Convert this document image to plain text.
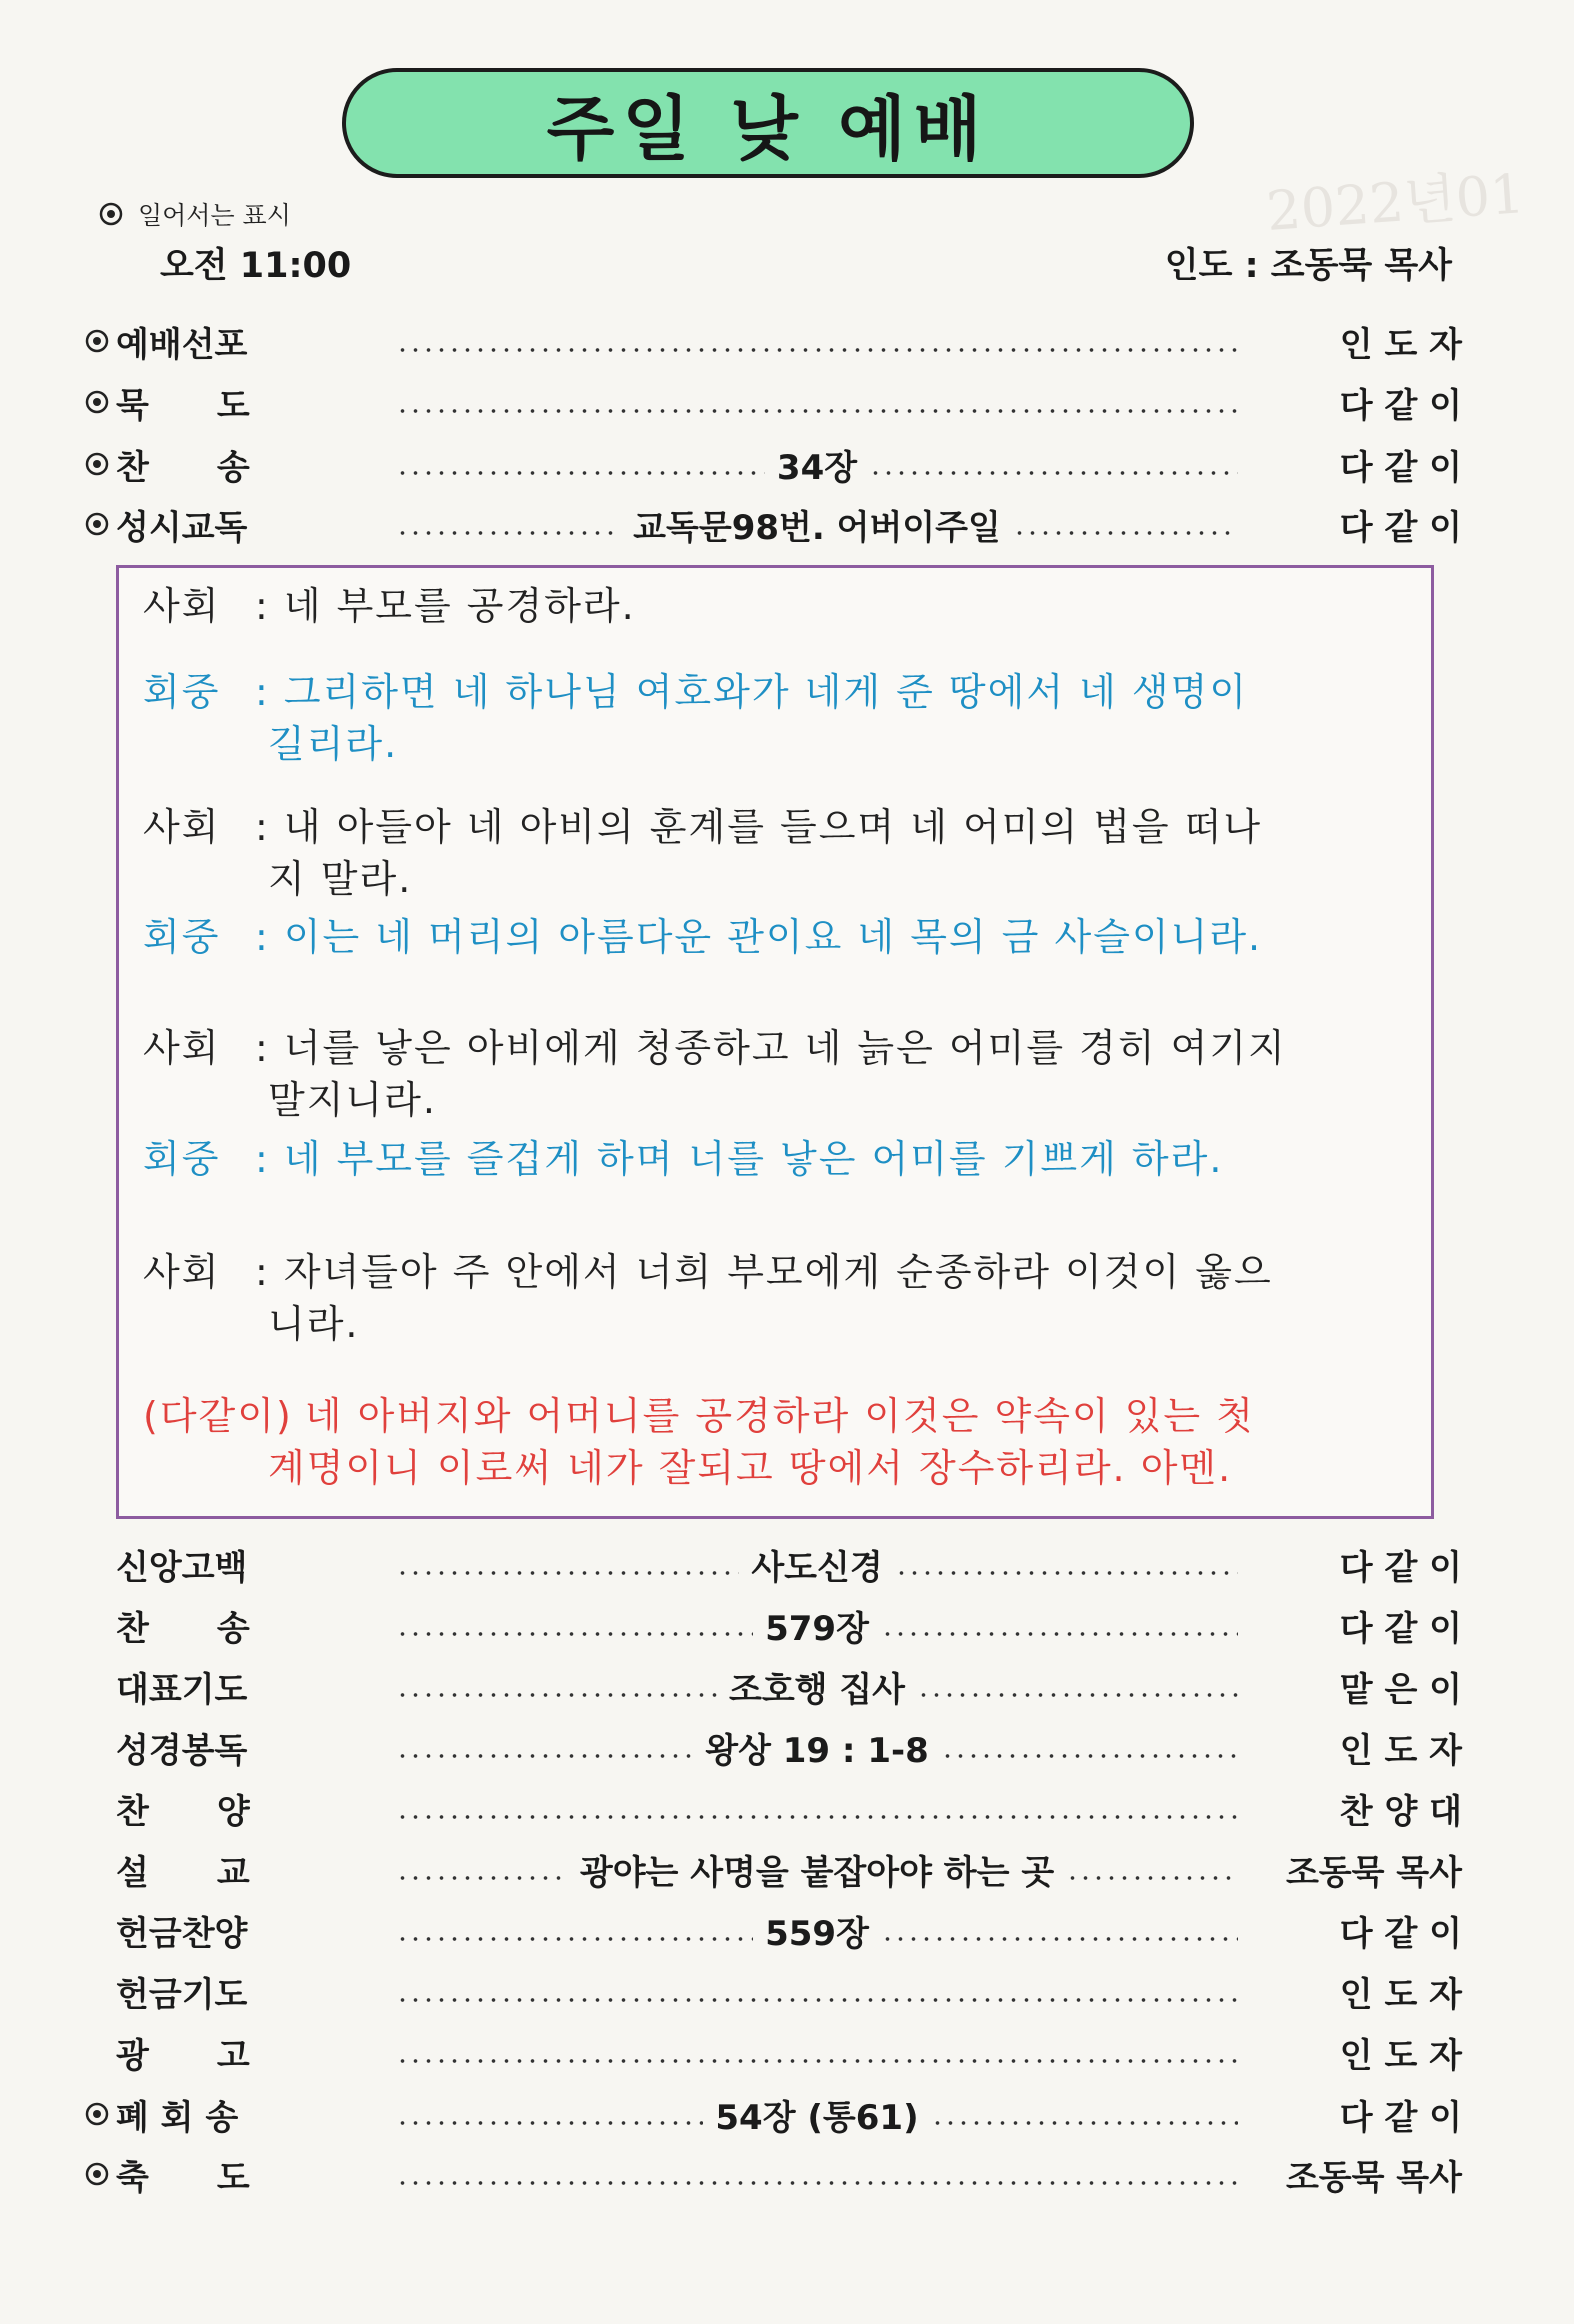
2022년01
주일 낮 예배
일어서는 표시
오전 11:00	인도 : 조동묵 목사
예배선포	인 도 자
묵　　도	다 같 이
찬　　송	34장	다 같 이
성시교독	교독문98번. 어버이주일	다 같 이
사회 : 네 부모를 공경하라.
회중 : 그리하면 네 하나님 여호와가 네게 준 땅에서 네 생명이
길리라.
사회 : 내 아들아 네 아비의 훈계를 들으며 네 어미의 법을 떠나
지 말라.
회중 : 이는 네 머리의 아름다운 관이요 네 목의 금 사슬이니라.
사회 : 너를 낳은 아비에게 청종하고 네 늙은 어미를 경히 여기지
말지니라.
회중 : 네 부모를 즐겁게 하며 너를 낳은 어미를 기쁘게 하라.
사회 : 자녀들아 주 안에서 너희 부모에게 순종하라 이것이 옳으
니라.
(다같이) 네 아버지와 어머니를 공경하라 이것은 약속이 있는 첫
계명이니 이로써 네가 잘되고 땅에서 장수하리라. 아멘.
신앙고백	사도신경	다 같 이
찬　　송	579장	다 같 이
대표기도	조호행 집사	맡 은 이
성경봉독	왕상 19 : 1-8	인 도 자
찬　　양	찬 양 대
설　　교	광야는 사명을 붙잡아야 하는 곳	조동묵 목사
헌금찬양	559장	다 같 이
헌금기도	인 도 자
광　　고	인 도 자
폐 회 송	54장 (통61)	다 같 이
축　　도	조동묵 목사
